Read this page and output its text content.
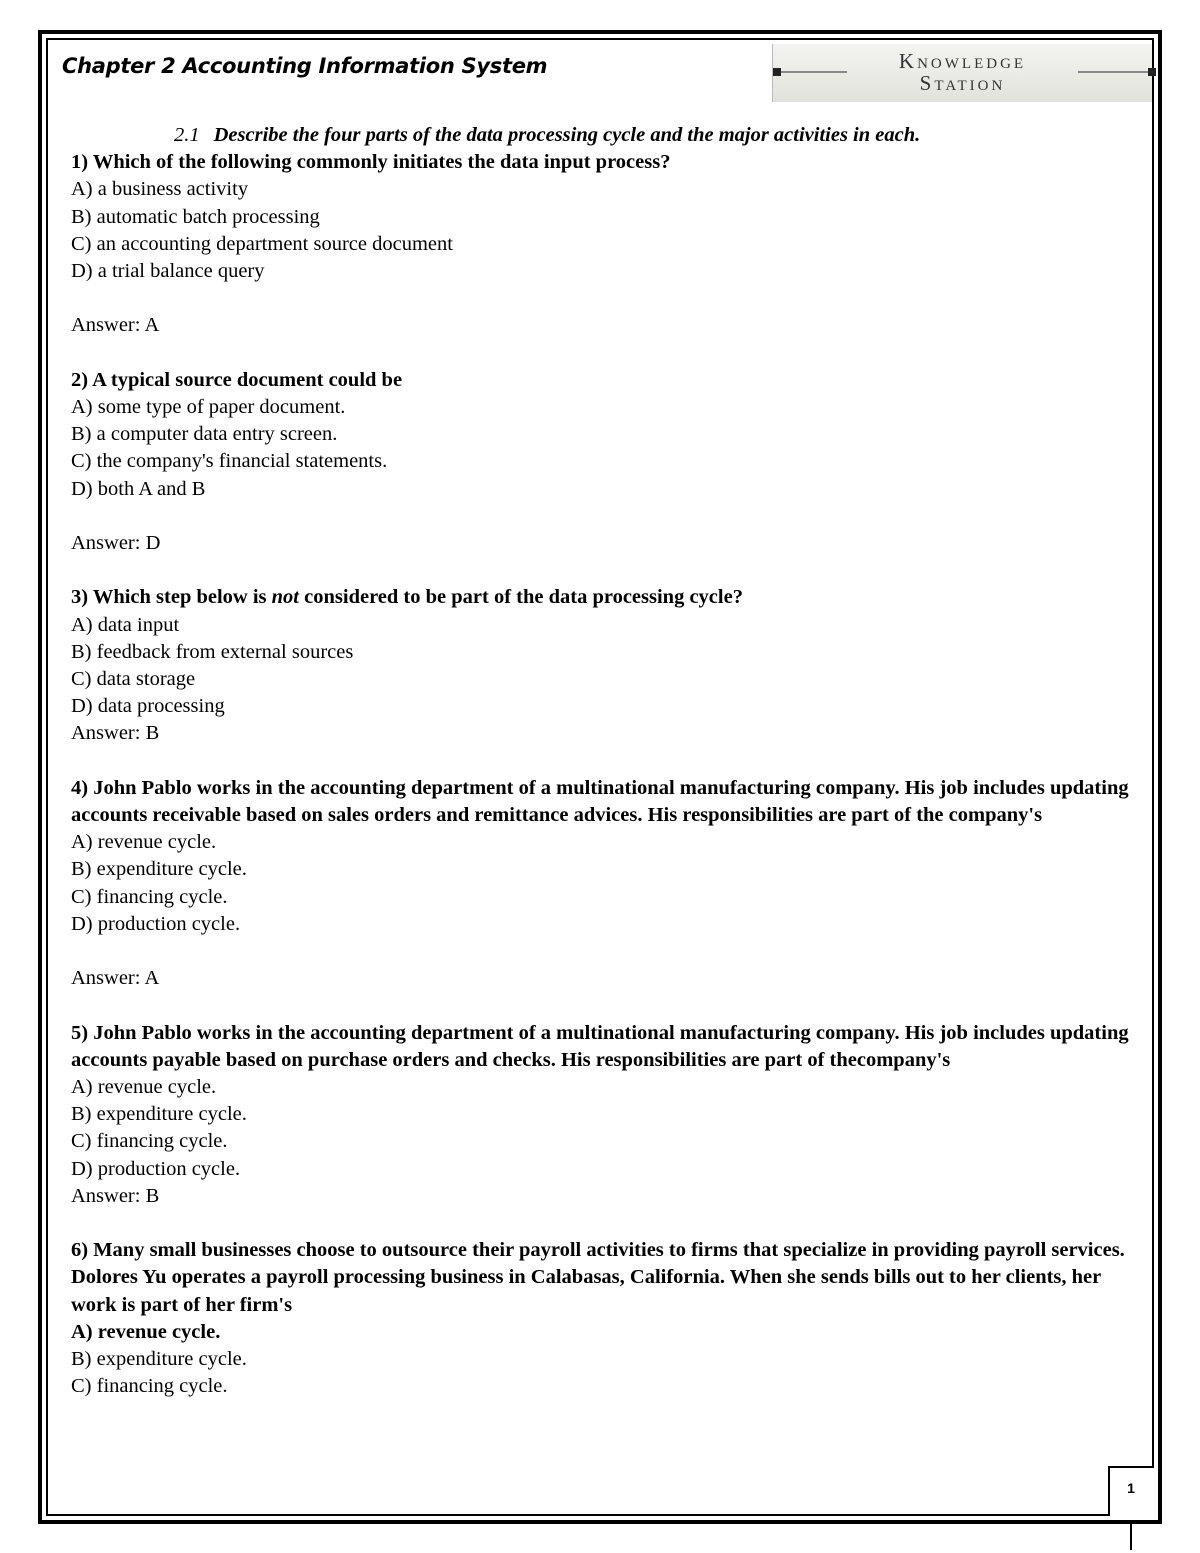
Chapter 2 Accounting Information System	Knowledge
Station

2.1 Describe the four parts of the data processing cycle and the major activities in each.

1) Which of the following commonly initiates the data input process?

A) a business activity

B) automatic batch processing

C) an accounting department source document

D) a trial balance query

Answer: A

2) A typical source document could be

A) some type of paper document.

B) a computer data entry screen.

C) the company's financial statements.

D) both A and B

Answer: D

3) Which step below is not considered to be part of the data processing cycle?

A) data input

B) feedback from external sources

C) data storage

D) data processing

Answer: B

4) John Pablo works in the accounting department of a multinational manufacturing company. His job includes updating accounts receivable based on sales orders and remittance advices. His responsibilities are part of the company's

A) revenue cycle.

B) expenditure cycle.

C) financing cycle.

D) production cycle.

Answer: A

5) John Pablo works in the accounting department of a multinational manufacturing company. His job includes updating accounts payable based on purchase orders and checks. His responsibilities are part of thecompany's

A) revenue cycle.

B) expenditure cycle.

C) financing cycle.

D) production cycle.

Answer: B

6) Many small businesses choose to outsource their payroll activities to firms that specialize in providing payroll services. Dolores Yu operates a payroll processing business in Calabasas, California. When she sends bills out to her clients, her work is part of her firm's

A) revenue cycle.

B) expenditure cycle.

C) financing cycle.

1
